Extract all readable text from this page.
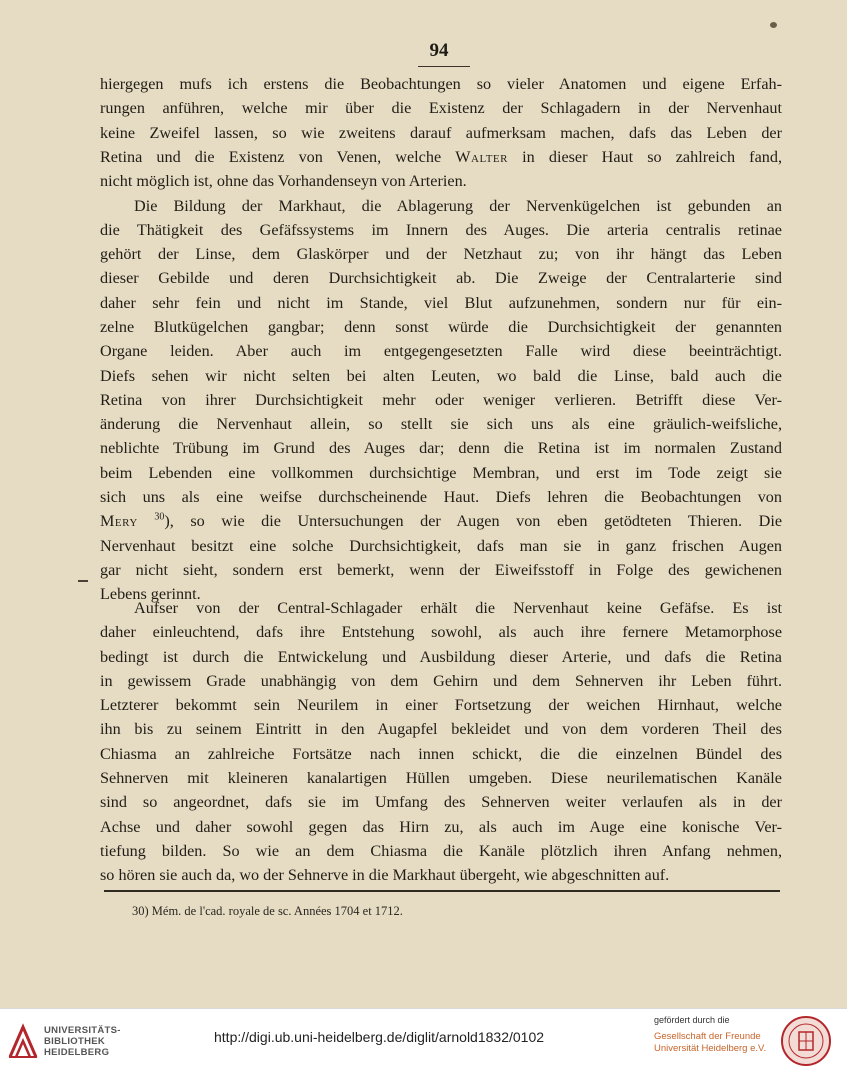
94
hiergegen mufs ich erstens die Beobachtungen so vieler Anatomen und eigene Erfah-
rungen anführen, welche mir über die Existenz der Schlagadern in der Nervenhaut
keine Zweifel lassen, so wie zweitens darauf aufmerksam machen, dafs das Leben der
Retina und die Existenz von Venen, welche Walter in dieser Haut so zahlreich fand,
nicht möglich ist, ohne das Vorhandenseyn von Arterien.
Die Bildung der Markhaut, die Ablagerung der Nervenkügelchen ist gebunden an
die Thätigkeit des Gefäfssystems im Innern des Auges. Die arteria centralis retinae
gehört der Linse, dem Glaskörper und der Netzhaut zu; von ihr hängt das Leben
dieser Gebilde und deren Durchsichtigkeit ab. Die Zweige der Centralarterie sind
daher sehr fein und nicht im Stande, viel Blut aufzunehmen, sondern nur für ein-
zelne Blutkügelchen gangbar; denn sonst würde die Durchsichtigkeit der genannten
Organe leiden. Aber auch im entgegengesetzten Falle wird diese beeinträchtigt.
Diefs sehen wir nicht selten bei alten Leuten, wo bald die Linse, bald auch die
Retina von ihrer Durchsichtigkeit mehr oder weniger verlieren. Betrifft diese Ver-
änderung die Nervenhaut allein, so stellt sie sich uns als eine gräulich-weifsliche,
neblichte Trübung im Grund des Auges dar; denn die Retina ist im normalen Zustand
beim Lebenden eine vollkommen durchsichtige Membran, und erst im Tode zeigt sie
sich uns als eine weifse durchscheinende Haut. Diefs lehren die Beobachtungen von
Mery $^{30}$), so wie die Untersuchungen der Augen von eben getödteten Thieren. Die
Nervenhaut besitzt eine solche Durchsichtigkeit, dafs man sie in ganz frischen Augen
gar nicht sieht, sondern erst bemerkt, wenn der Eiweifsstoff in Folge des gewichenen
Lebens gerinnt.
Aufser von der Central-Schlagader erhält die Nervenhaut keine Gefäfse. Es ist
daher einleuchtend, dafs ihre Entstehung sowohl, als auch ihre fernere Metamorphose
bedingt ist durch die Entwickelung und Ausbildung dieser Arterie, und dafs die Retina
in gewissem Grade unabhängig von dem Gehirn und dem Sehnerven ihr Leben führt.
Letzterer bekommt sein Neurilem in einer Fortsetzung der weichen Hirnhaut, welche
ihn bis zu seinem Eintritt in den Augapfel bekleidet und von dem vorderen Theil des
Chiasma an zahlreiche Fortsätze nach innen schickt, die die einzelnen Bündel des
Sehnerven mit kleineren kanalartigen Hüllen umgeben. Diese neurilematischen Kanäle
sind so angeordnet, dafs sie im Umfang des Sehnerven weiter verlaufen als in der
Achse und daher sowohl gegen das Hirn zu, als auch im Auge eine konische Ver-
tiefung bilden. So wie an dem Chiasma die Kanäle plötzlich ihren Anfang nehmen,
so hören sie auch da, wo der Sehnerve in die Markhaut übergeht, wie abgeschnitten auf.
30) Mém. de l'cad. royale de sc. Années 1704 et 1712.
UNIVERSITÄTS-
BIBLIOTHEK
HEIDELBERG
http://digi.ub.uni-heidelberg.de/diglit/arnold1832/0102
gefördert durch die
Gesellschaft der Freunde
Universität Heidelberg e.V.
